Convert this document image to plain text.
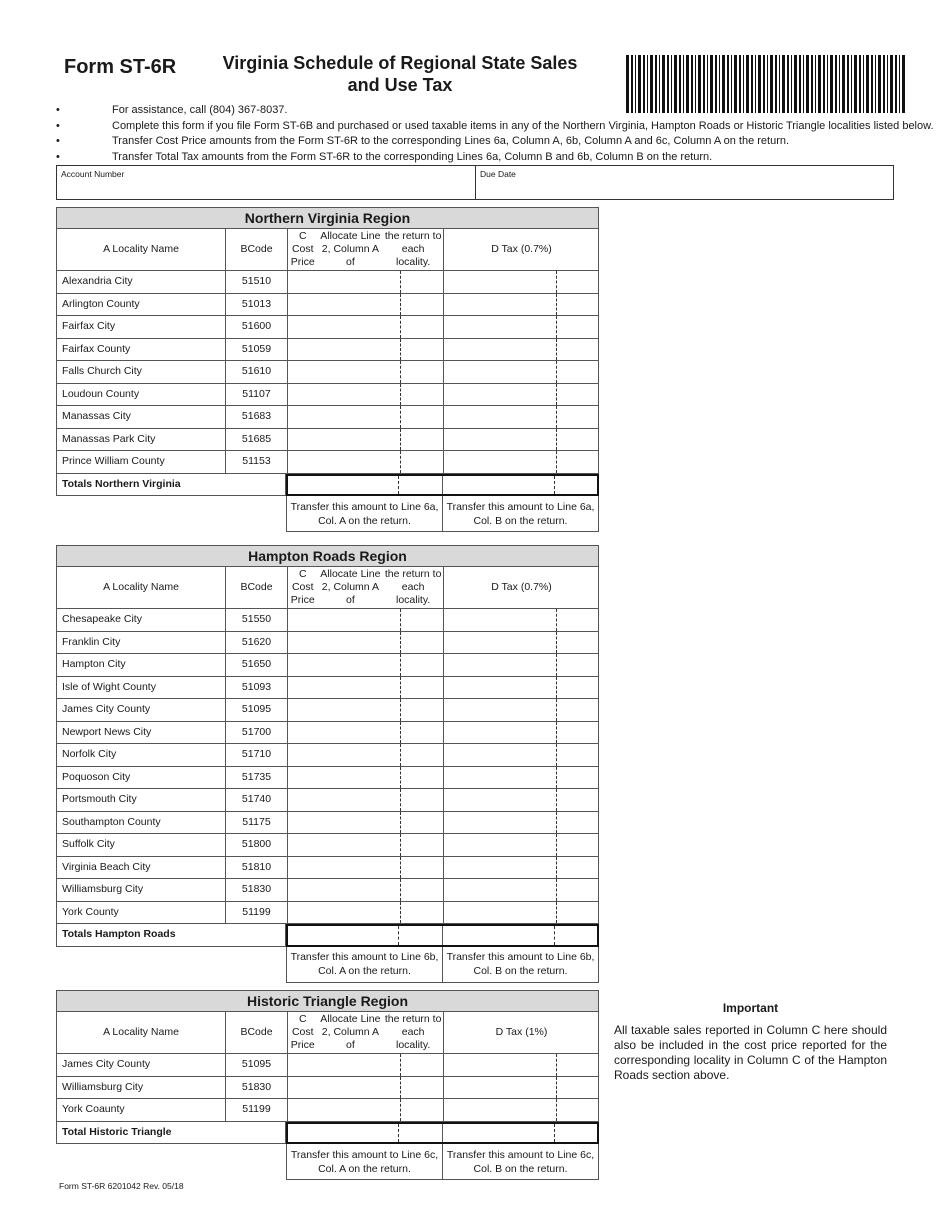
Form ST-6R	Virginia Schedule of Regional State Sales and Use Tax
• For assistance, call (804) 367-8037.
• Complete this form if you file Form ST-6B and purchased or used taxable items in any of the Northern Virginia, Hampton Roads or Historic Triangle localities listed below.
• Transfer Cost Price amounts from the Form ST-6R to the corresponding Lines 6a, Column A, 6b, Column A and 6c, Column A on the return.
• Transfer Total Tax amounts from the Form ST-6R to the corresponding Lines 6a, Column B and 6b, Column B on the return.
Account Number	Due Date
Northern Virginia Region
A Locality Name	B Code
C Cost Price

Allocate Line 2, Column A of

the return to each locality.
D Tax (0.7%)
Alexandria City	51510
Arlington County	51013
Fairfax City	51600
Fairfax County	51059
Falls Church City	51610
Loudoun County	51107
Manassas City	51683
Manassas Park City	51685
Prince William County	51153
Totals Northern Virginia
Transfer this amount to Line 6a,
Col. A on the return.
Transfer this amount to Line 6a,
Col. B on the return.
Hampton Roads Region
A Locality Name	B Code
C Cost Price

Allocate Line 2, Column A of

the return to each locality.
D Tax (0.7%)
Chesapeake City	51550
Franklin City	51620
Hampton City	51650
Isle of Wight County	51093
James City County	51095
Newport News City	51700
Norfolk City	51710
Poquoson City	51735
Portsmouth City	51740
Southampton County	51175
Suffolk City	51800
Virginia Beach City	51810
Williamsburg City	51830
York County	51199
Totals Hampton Roads
Transfer this amount to Line 6b,
Col. A on the return.
Transfer this amount to Line 6b,
Col. B on the return.
Historic Triangle Region
A Locality Name	B Code
C Cost Price

Allocate Line 2, Column A of

the return to each locality.
D Tax (1%)
James City County	51095
Williamsburg City	51830
York Coaunty	51199
Total Historic Triangle
Transfer this amount to Line 6c,
Col. A on the return.
Transfer this amount to Line 6c,
Col. B on the return.
Important
All taxable sales reported in Column C here should also be included in the cost price reported for the corresponding locality in Column C of the Hampton Roads section above.
Form ST-6R 6201042 Rev. 05/18
